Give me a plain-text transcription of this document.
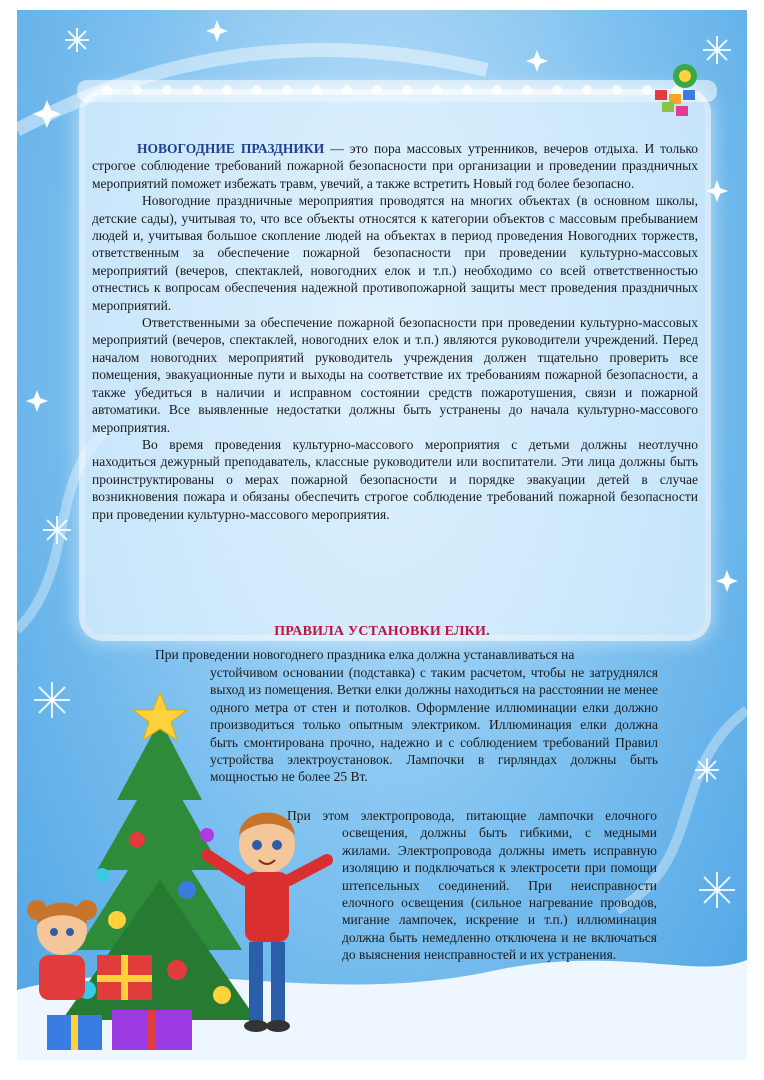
НОВОГОДНИЕ ПРАЗДНИКИ — это пора массовых утренников, вечеров отдыха. И только строгое соблюдение требований пожарной безопасности при организации и проведении праздничных мероприятий поможет избежать травм, увечий, а также встретить Новый год более безопасно.

Новогодние праздничные мероприятия проводятся на многих объектах (в основном школы, детские сады), учитывая то, что все объекты относятся к категории объектов с массовым пребыванием людей и, учитывая большое скопление людей на объектах в период проведения Новогодних торжеств, ответственным за обеспечение пожарной безопасности при проведении культурно-массовых мероприятий (вечеров, спектаклей, новогодних елок и т.п.) необходимо со всей ответственностью отнестись к вопросам обеспечения надежной противопожарной защиты мест проведения праздничных мероприятий.

Ответственными за обеспечение пожарной безопасности при проведении культурно-массовых мероприятий (вечеров, спектаклей, новогодних елок и т.п.) являются руководители учреждений. Перед началом новогодних мероприятий руководитель учреждения должен тщательно проверить все помещения, эвакуационные пути и выходы на соответствие их требованиям пожарной безопасности, а также убедиться в наличии и исправном состоянии средств пожаротушения, связи и пожарной автоматики. Все выявленные недостатки должны быть устранены до начала культурно-массового мероприятия.

Во время проведения культурно-массового мероприятия с детьми должны неотлучно находиться дежурный преподаватель, классные руководители или воспитатели. Эти лица должны быть проинструктированы о мерах пожарной безопасности и порядке эвакуации детей в случае возникновения пожара и обязаны обеспечить строгое соблюдение требований пожарной безопасности при проведении культурно-массового мероприятия.

ПРАВИЛА УСТАНОВКИ ЕЛКИ.
При проведении новогоднего праздника елка должна устанавливаться на
устойчивом основании (подставка) с таким расчетом, чтобы не затруднялся выход из помещения. Ветки елки должны находиться на расстоянии не менее одного метра от стен и потолков. Оформление иллюминации елки должно производиться только опытным электриком. Иллюминация елки должна быть смонтирована прочно, надежно и с соблюдением требований Правил устройства электроустановок. Лампочки в гирляндах должны быть мощностью не более 25 Вт.
При этом электропровода, питающие лампочки елочного освещения, должны быть гибкими, с медными жилами. Электропровода должны иметь исправную изоляцию и подключаться к электросети при помощи штепсельных соединений. При неисправности елочного освещения (сильное нагревание проводов, мигание лампочек, искрение и т.п.) иллюминация должна быть немедленно отключена и не включаться до выяснения неисправностей и их устранения.
